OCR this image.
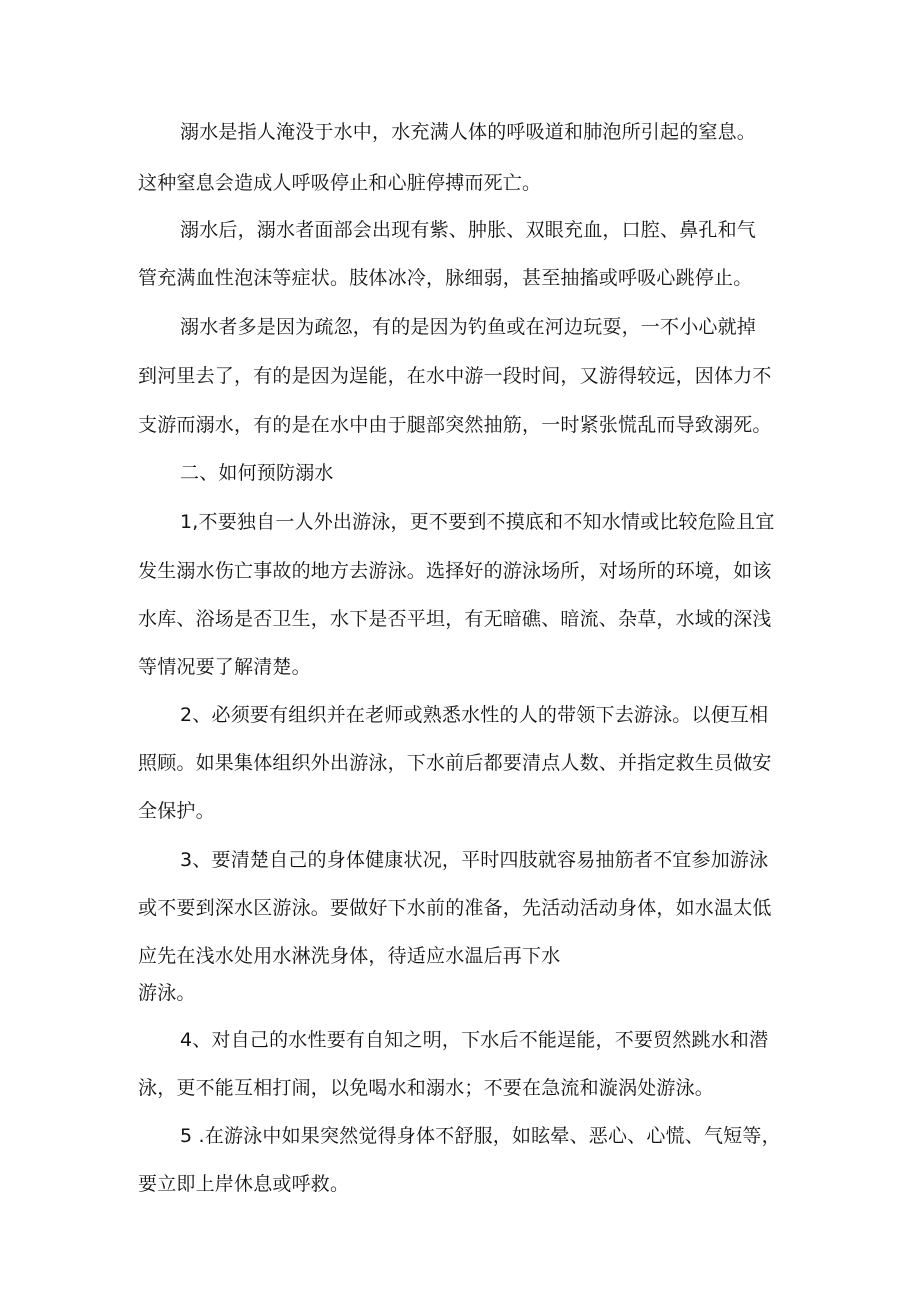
溺水是指人淹没于水中，水充满人体的呼吸道和肺泡所引起的窒息。
这种窒息会造成人呼吸停止和心脏停搏而死亡。
溺水后，溺水者面部会出现有紫、肿胀、双眼充血，口腔、鼻孔和气
管充满血性泡沫等症状。肢体冰冷，脉细弱，甚至抽搐或呼吸心跳停止。
溺水者多是因为疏忽，有的是因为钓鱼或在河边玩耍，一不小心就掉
到河里去了，有的是因为逞能，在水中游一段时间，又游得较远，因体力不
支游而溺水，有的是在水中由于腿部突然抽筋，一时紧张慌乱而导致溺死。
二、如何预防溺水
1,不要独自一人外出游泳，更不要到不摸底和不知水情或比较危险且宜
发生溺水伤亡事故的地方去游泳。选择好的游泳场所，对场所的环境，如该
水库、浴场是否卫生，水下是否平坦，有无暗礁、暗流、杂草，水域的深浅
等情况要了解清楚。
2、必须要有组织并在老师或熟悉水性的人的带领下去游泳。以便互相
照顾。如果集体组织外出游泳，下水前后都要清点人数、并指定救生员做安
全保护。
3、要清楚自己的身体健康状况，平时四肢就容易抽筋者不宜参加游泳
或不要到深水区游泳。要做好下水前的准备，先活动活动身体，如水温太低
应先在浅水处用水淋洗身体，待适应水温后再下水
游泳。
4、对自己的水性要有自知之明，下水后不能逞能，不要贸然跳水和潜
泳，更不能互相打闹，以免喝水和溺水；不要在急流和漩涡处游泳。
5 .在游泳中如果突然觉得身体不舒服，如眩晕、恶心、心慌、气短等，
要立即上岸休息或呼救。
